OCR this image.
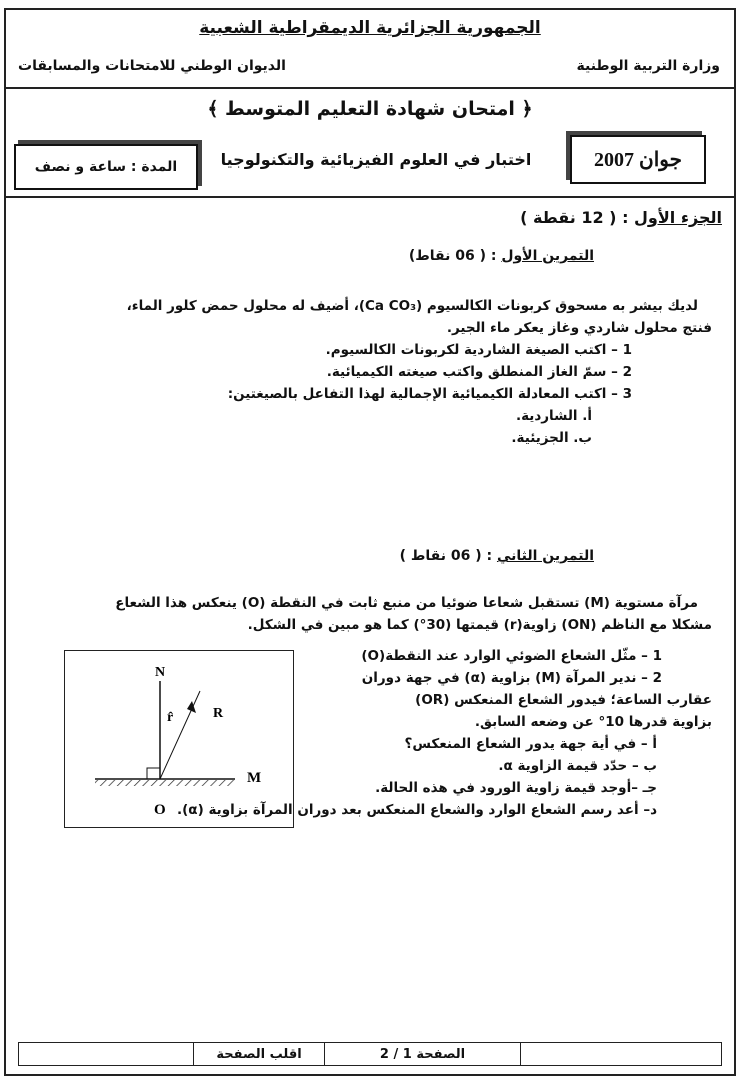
الجمهورية الجزائرية الديمقراطية الشعبية
وزارة التربية الوطنية
الديوان الوطني للامتحانات والمسابقات
﴿ امتحان شهادة التعليم المتوسط ﴾
جوان 2007
اختبار في العلوم الفيزيائية والتكنولوجيا
المدة : ساعة و نصف
الجزء الأول : ( 12 نقطة )
التمرين الأول : ( 06 نقاط)
لديك بيشر به مسحوق كربونات الكالسيوم (Ca CO₃)، أضيف له محلول حمض كلور الماء،
فنتج محلول شاردي وغاز يعكر ماء الجير.
1 – اكتب الصيغة الشاردية لكربونات الكالسيوم.
2 – سمّ الغاز المنطلق واكتب صيغته الكيميائية.
3 – اكتب المعادلة الكيميائية الإجمالية لهذا التفاعل بالصيغتين:
أ. الشاردية.
ب. الجزيئية.
التمرين الثاني : ( 06 نقاط )
مرآة مستوية (M) تستقبل شعاعا ضوئيا من منبع ثابت في النقطة (O) ينعكس هذا الشعاع
مشكلا مع الناظم (ON) زاوية(r) قيمتها (30°) كما هو مبين في الشكل.
1 – مثّل الشعاع الضوئي الوارد عند النقطة(O)
2 – ندير المرآة (M) بزاوية (α) في جهة دوران
عقارب الساعة؛ فيدور الشعاع المنعكس (OR)
بزاوية قدرها 10° عن وضعه السابق.
أ – في أية جهة يدور الشعاع المنعكس؟
ب – حدّد قيمة الزاوية α.
جـ –أوجد قيمة زاوية الورود في هذه الحالة.
د– أعد رسم الشعاع الوارد والشعاع المنعكس بعد دوران المرآة بزاوية (α).
N
r̂	R
M
O
الصفحة 1 / 2
اقلب الصفحة
